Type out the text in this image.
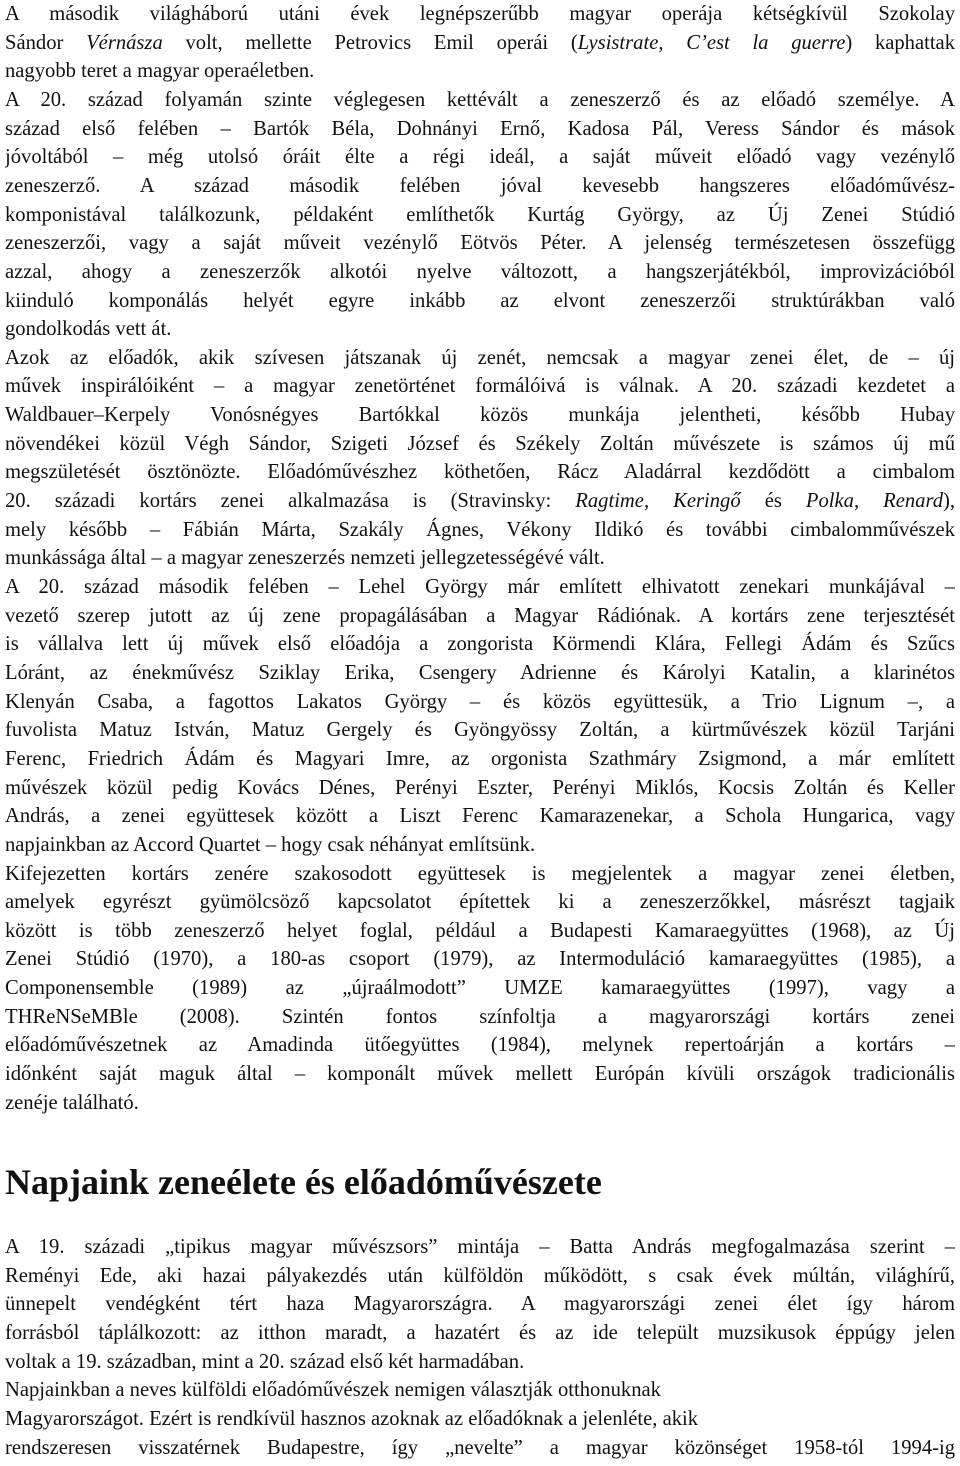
A második világháború utáni évek legnépszerűbb magyar operája kétségkívül Szokolay
Sándor Vérnásza volt, mellette Petrovics Emil operái (Lysistrate, C’est la guerre) kaphattak
nagyobb teret a magyar operaéletben.
A 20. század folyamán szinte véglegesen kettévált a zeneszerző és az előadó személye. A
század első felében – Bartók Béla, Dohnányi Ernő, Kadosa Pál, Veress Sándor és mások
jóvoltából – még utolsó óráit élte a régi ideál, a saját műveit előadó vagy vezénylő
zeneszerző. A század második felében jóval kevesebb hangszeres előadóművész-
komponistával találkozunk, példaként említhetők Kurtág György, az Új Zenei Stúdió
zeneszerzői, vagy a saját műveit vezénylő Eötvös Péter. A jelenség természetesen összefügg
azzal, ahogy a zeneszerzők alkotói nyelve változott, a hangszerjátékból, improvizációból
kiinduló komponálás helyét egyre inkább az elvont zeneszerzői struktúrákban való
gondolkodás vett át.
Azok az előadók, akik szívesen játszanak új zenét, nemcsak a magyar zenei élet, de – új
művek inspirálóiként – a magyar zenetörténet formálóivá is válnak. A 20. századi kezdetet a
Waldbauer–Kerpely Vonósnégyes Bartókkal közös munkája jelentheti, később Hubay
növendékei közül Végh Sándor, Szigeti József és Székely Zoltán művészete is számos új mű
megszületését ösztönözte. Előadóművészhez köthetően, Rácz Aladárral kezdődött a cimbalom
20. századi kortárs zenei alkalmazása is (Stravinsky: Ragtime, Keringő és Polka, Renard),
mely később – Fábián Márta, Szakály Ágnes, Vékony Ildikó és további cimbalomművészek
munkássága által – a magyar zeneszerzés nemzeti jellegzetességévé vált.
A 20. század második felében – Lehel György már említett elhivatott zenekari munkájával –
vezető szerep jutott az új zene propagálásában a Magyar Rádiónak. A kortárs zene terjesztését
is vállalva lett új művek első előadója a zongorista Körmendi Klára, Fellegi Ádám és Szűcs
Lóránt, az énekművész Sziklay Erika, Csengery Adrienne és Károlyi Katalin, a klarinétos
Klenyán Csaba, a fagottos Lakatos György – és közös együttesük, a Trio Lignum –, a
fuvolista Matuz István, Matuz Gergely és Gyöngyössy Zoltán, a kürtművészek közül Tarjáni
Ferenc, Friedrich Ádám és Magyari Imre, az orgonista Szathmáry Zsigmond, a már említett
művészek közül pedig Kovács Dénes, Perényi Eszter, Perényi Miklós, Kocsis Zoltán és Keller
András, a zenei együttesek között a Liszt Ferenc Kamarazenekar, a Schola Hungarica, vagy
napjainkban az Accord Quartet – hogy csak néhányat említsünk.
Kifejezetten kortárs zenére szakosodott együttesek is megjelentek a magyar zenei életben,
amelyek egyrészt gyümölcsöző kapcsolatot építettek ki a zeneszerzőkkel, másrészt tagjaik
között is több zeneszerző helyet foglal, például a Budapesti Kamaraegyüttes (1968), az Új
Zenei Stúdió (1970), a 180-as csoport (1979), az Intermoduláció kamaraegyüttes (1985), a
Componensemble (1989) az „újraálmodott” UMZE kamaraegyüttes (1997), vagy a
THReNSeMBle (2008). Szintén fontos színfoltja a magyarországi kortárs zenei
előadóművészetnek az Amadinda ütőegyüttes (1984), melynek repertoárján a kortárs –
időnként saját maguk által – komponált művek mellett Európán kívüli országok tradicionális
zenéje található.
Napjaink zeneélete és előadóművészete
A 19. századi „tipikus magyar művészsors” mintája – Batta András megfogalmazása szerint –
Reményi Ede, aki hazai pályakezdés után külföldön működött, s csak évek múltán, világhírű,
ünnepelt vendégként tért haza Magyarországra. A magyarországi zenei élet így három
forrásból táplálkozott: az itthon maradt, a hazatért és az ide települt muzsikusok éppúgy jelen
voltak a 19. században, mint a 20. század első két harmadában.
Napjainkban a neves külföldi előadóművészek nemigen választják otthonuknak
Magyarországot. Ezért is rendkívül hasznos azoknak az előadóknak a jelenléte, akik
rendszeresen visszatérnek Budapestre, így „nevelte” a magyar közönséget 1958-tól 1994-ig
